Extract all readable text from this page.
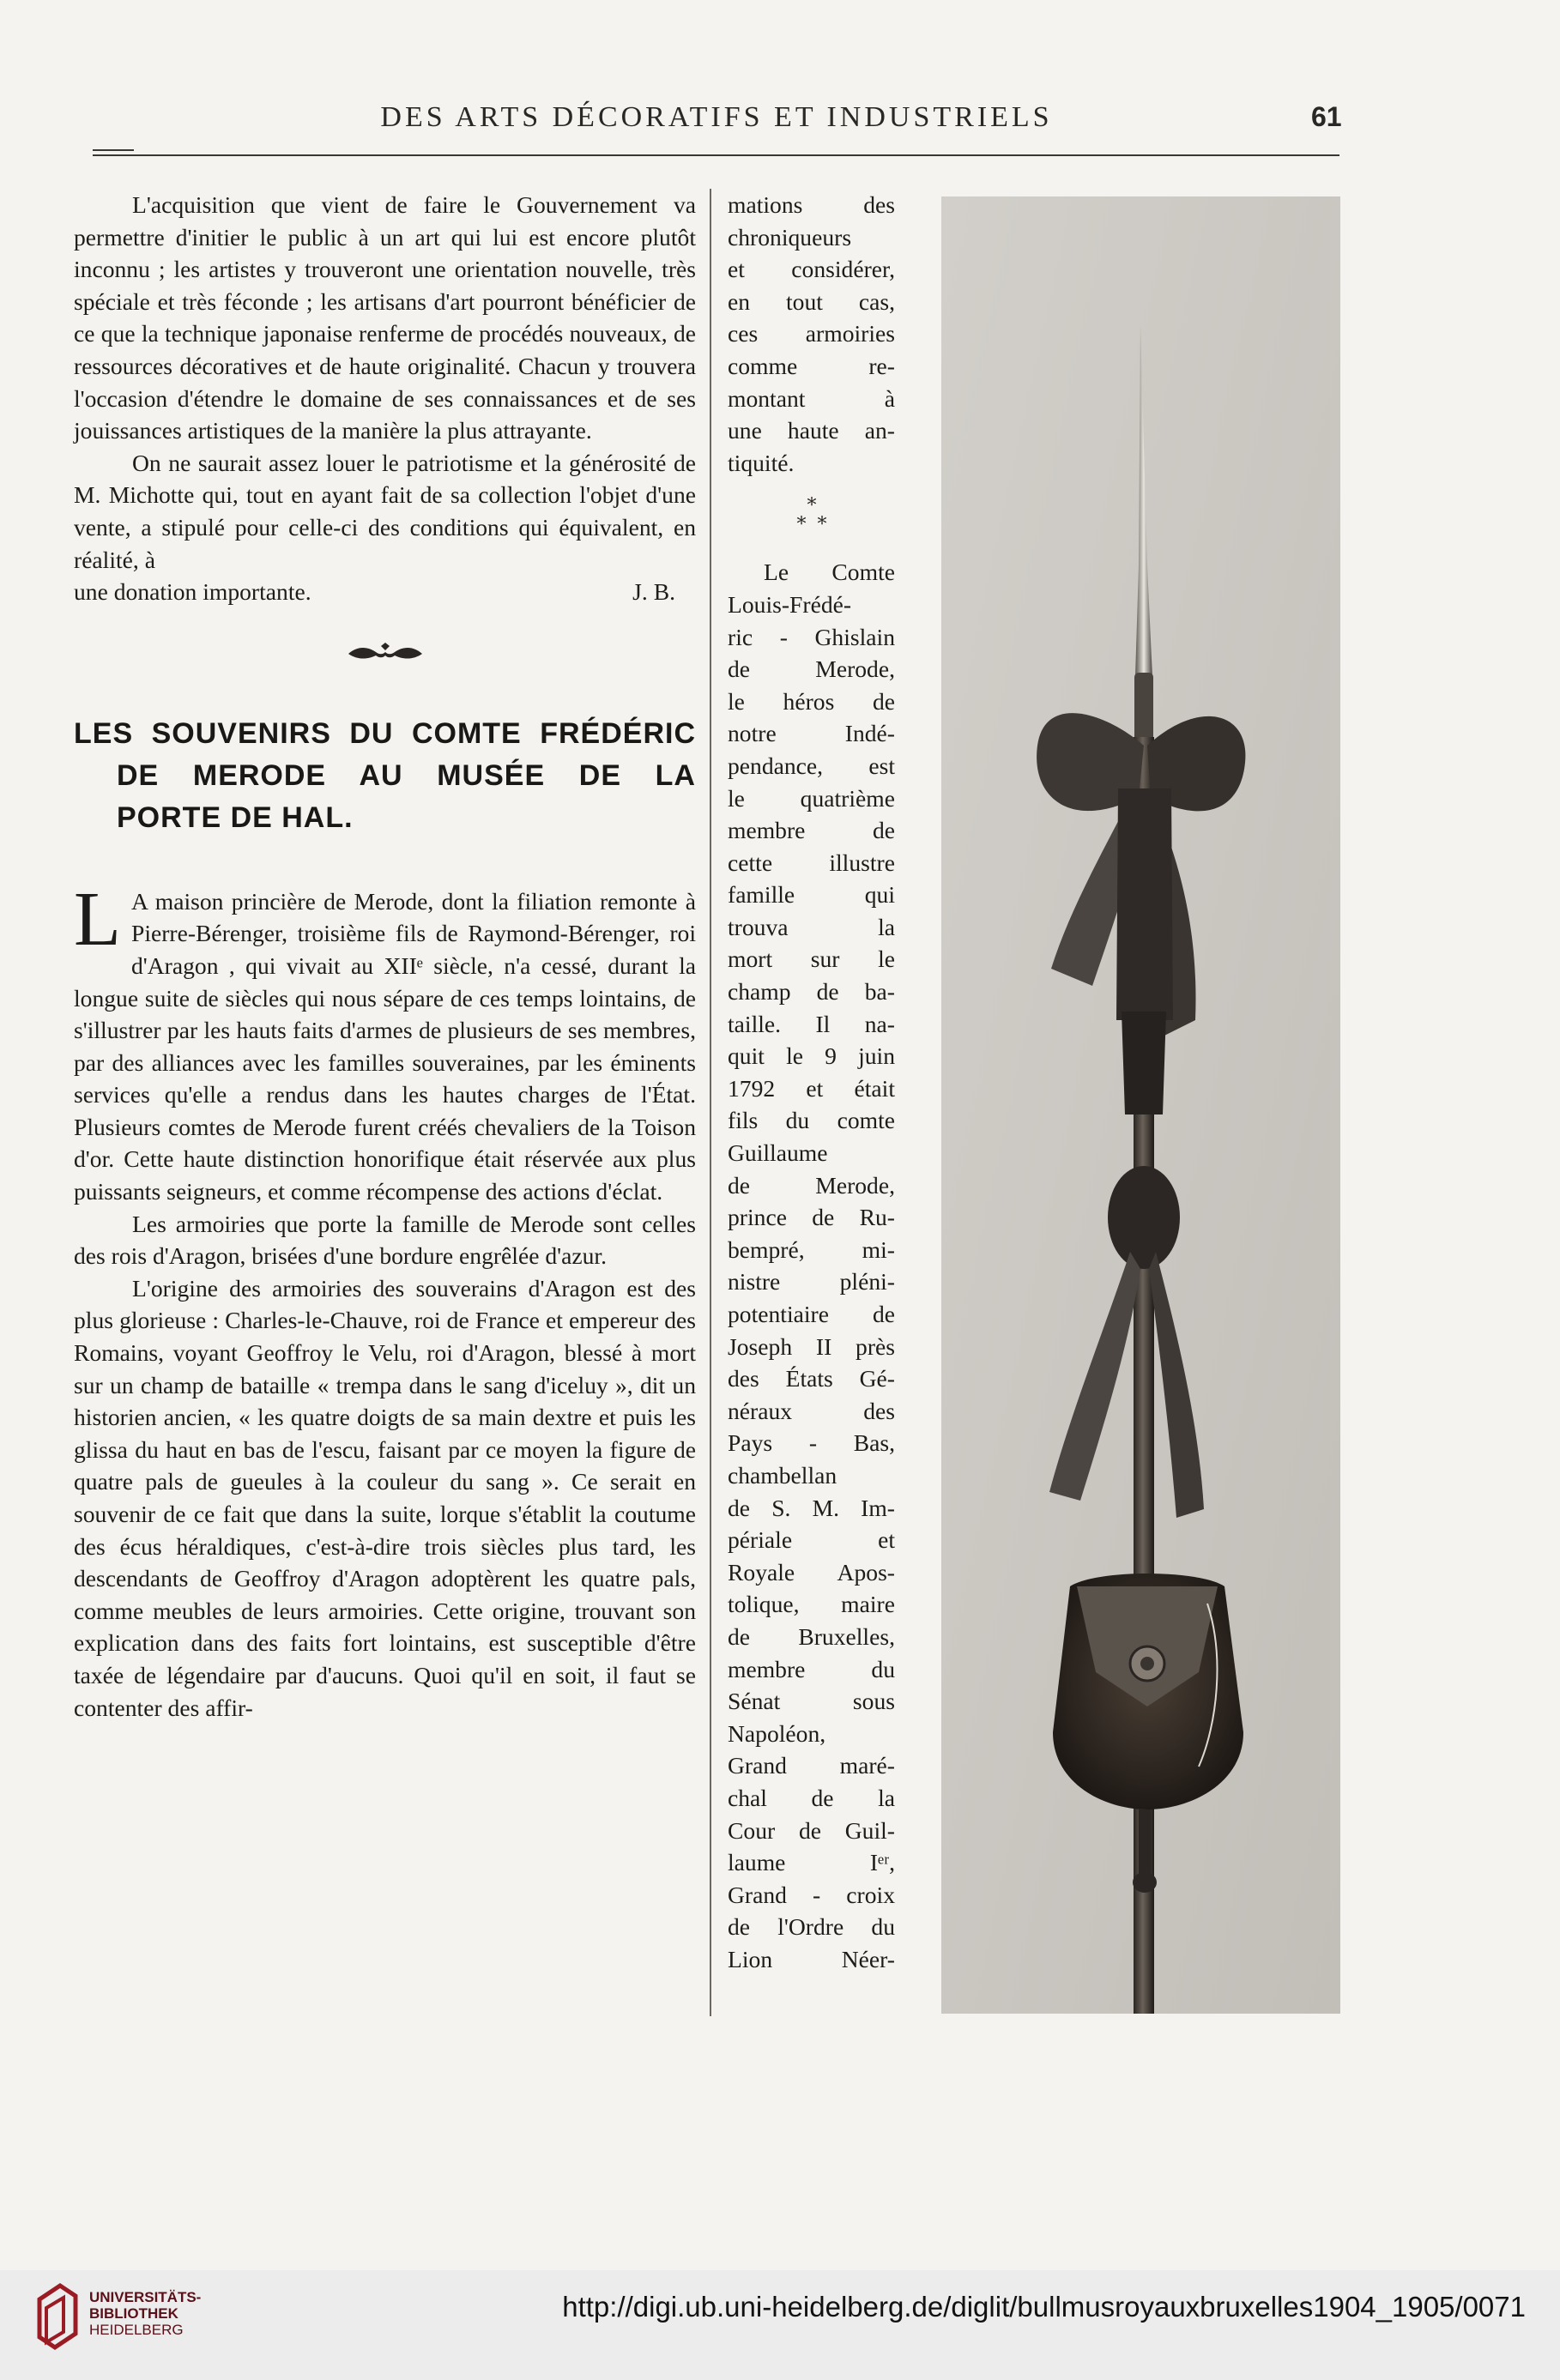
DES ARTS DÉCORATIFS ET INDUSTRIELS	61

L'acquisition que vient de faire le Gouvernement va permettre d'initier le public à un art qui lui est encore plutôt inconnu ; les artistes y trouveront une orientation nouvelle, très spéciale et très féconde ; les artisans d'art pourront bénéficier de ce que la technique japonaise renferme de procédés nouveaux, de ressources décoratives et de haute originalité. Chacun y trouvera l'occasion d'étendre le domaine de ses connaissances et de ses jouissances artistiques de la manière la plus attrayante.

On ne saurait assez louer le patriotisme et la générosité de M. Michotte qui, tout en ayant fait de sa collection l'objet d'une vente, a stipulé pour celle-ci des conditions qui équivalent, en réalité, à

une donation importante.	J. B.
LES SOUVENIRS DU COMTE FRÉDÉRIC
DE MERODE AU MUSÉE DE LA
PORTE DE HAL.

L A maison princière de Merode, dont la filiation remonte à Pierre-Bérenger, troisième fils de Raymond-Bérenger, roi d'Aragon , qui vivait au XIIᵉ siècle, n'a cessé, durant la longue suite de siècles qui nous sépare de ces temps lointains, de s'illustrer par les hauts faits d'armes de plusieurs de ses membres, par des alliances avec les familles souveraines, par les éminents services qu'elle a rendus dans les hautes charges de l'État. Plusieurs comtes de Merode furent créés chevaliers de la Toison d'or. Cette haute distinction honorifique était réservée aux plus puissants seigneurs, et comme récompense des actions d'éclat.

Les armoiries que porte la famille de Merode sont celles des rois d'Aragon, brisées d'une bordure engrêlée d'azur.

L'origine des armoiries des souverains d'Aragon est des plus glorieuse : Charles-le-Chauve, roi de France et empereur des Romains, voyant Geoffroy le Velu, roi d'Aragon, blessé à mort sur un champ de bataille « trempa dans le sang d'iceluy », dit un historien ancien, « les quatre doigts de sa main dextre et puis les glissa du haut en bas de l'escu, faisant par ce moyen la figure de quatre pals de gueules à la couleur du sang ». Ce serait en souvenir de ce fait que dans la suite, lorque s'établit la coutume des écus héraldiques, c'est-à-dire trois siècles plus tard, les descendants de Geoffroy d'Aragon adoptèrent les quatre pals, comme meubles de leurs armoiries. Cette origine, trouvant son explication dans des faits fort lointains, est susceptible d'être taxée de légendaire par d'aucuns. Quoi qu'il en soit, il faut se contenter des affir-

mations des
chroniqueurs
et considérer,
en tout cas,
ces armoiries
comme re-
montant à
une haute an-
tiquité.
*
* *
Le Comte
Louis-Frédé-
ric - Ghislain
de Merode,
le héros de
notre Indé-
pendance, est
le quatrième
membre de
cette illustre
famille qui
trouva la
mort sur le
champ de ba-
taille. Il na-
quit le 9 juin
1792 et était
fils du comte
Guillaume
de Merode,
prince de Ru-
bempré, mi-
nistre pléni-
potentiaire de
Joseph II près
des États Gé-
néraux des
Pays - Bas,
chambellan
de S. M. Im-
périale et
Royale Apos-
tolique, maire
de Bruxelles,
membre du
Sénat sous
Napoléon,
Grand maré-
chal de la
Cour de Guil-
laume Iᵉʳ,
Grand - croix
de l'Ordre du
Lion Néer-
UNIVERSITÄTS-
BIBLIOTHEK
HEIDELBERG
http://digi.ub.uni-heidelberg.de/diglit/bullmusroyauxbruxelles1904_1905/0071
